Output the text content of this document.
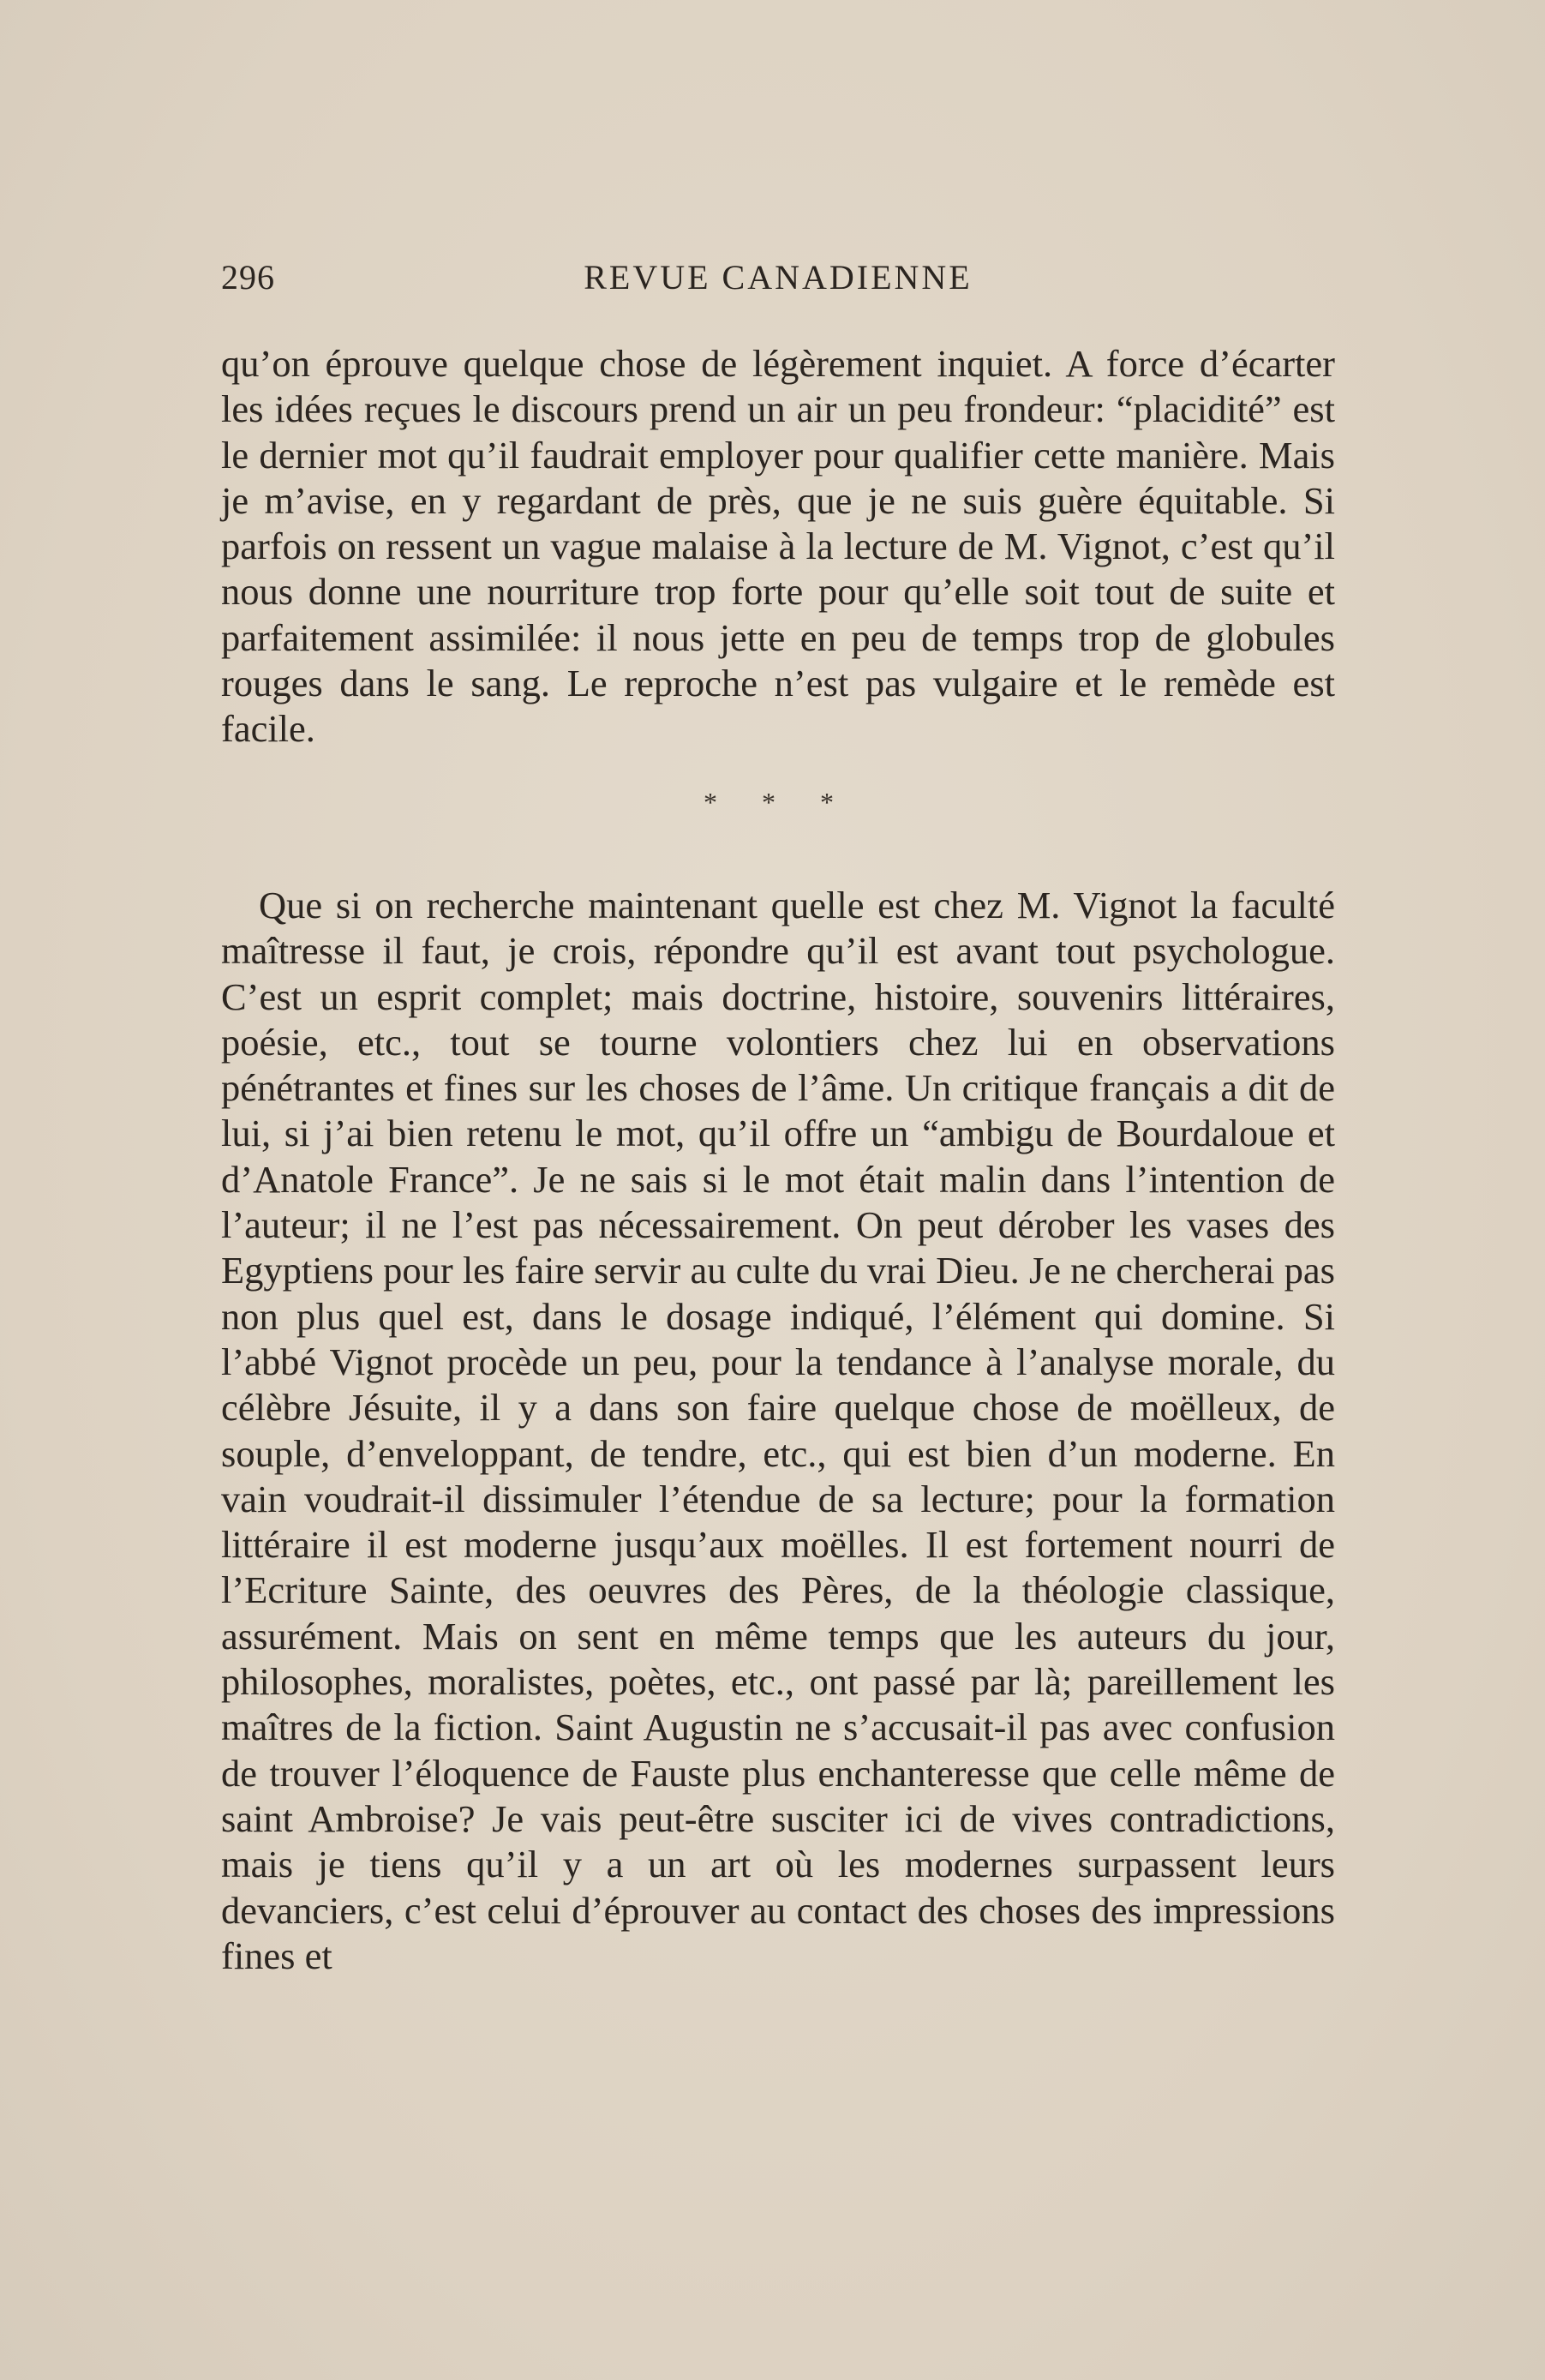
296	REVUE CANADIENNE

qu’on éprouve quelque chose de légèrement inquiet. A force d’écarter les idées reçues le discours prend un air un peu frondeur: “placidité” est le dernier mot qu’il faudrait employer pour qualifier cette manière. Mais je m’avise, en y regardant de près, que je ne suis guère équitable. Si parfois on ressent un vague malaise à la lecture de M. Vignot, c’est qu’il nous donne une nourriture trop forte pour qu’elle soit tout de suite et parfaitement assimilée: il nous jette en peu de temps trop de globules rouges dans le sang. Le reproche n’est pas vulgaire et le remède est facile.

* * *

Que si on recherche maintenant quelle est chez M. Vignot la faculté maîtresse il faut, je crois, répondre qu’il est avant tout psychologue. C’est un esprit complet; mais doctrine, histoire, souvenirs littéraires, poésie, etc., tout se tourne volontiers chez lui en observations pénétrantes et fines sur les choses de l’âme. Un critique français a dit de lui, si j’ai bien retenu le mot, qu’il offre un “ambigu de Bourdaloue et d’Anatole France”. Je ne sais si le mot était malin dans l’intention de l’auteur; il ne l’est pas nécessairement. On peut dérober les vases des Egyptiens pour les faire servir au culte du vrai Dieu. Je ne chercherai pas non plus quel est, dans le dosage indiqué, l’élément qui domine. Si l’abbé Vignot procède un peu, pour la tendance à l’analyse morale, du célèbre Jésuite, il y a dans son faire quelque chose de moëlleux, de souple, d’enveloppant, de tendre, etc., qui est bien d’un moderne. En vain voudrait-il dissimuler l’étendue de sa lecture; pour la formation littéraire il est moderne jusqu’aux moëlles. Il est fortement nourri de l’Ecriture Sainte, des oeuvres des Pères, de la théologie classique, assurément. Mais on sent en même temps que les auteurs du jour, philosophes, moralistes, poètes, etc., ont passé par là; pareillement les maîtres de la fiction. Saint Augustin ne s’accusait-il pas avec confusion de trouver l’éloquence de Fauste plus enchanteresse que celle même de saint Ambroise? Je vais peut-être susciter ici de vives contradictions, mais je tiens qu’il y a un art où les modernes surpassent leurs devanciers, c’est celui d’éprouver au contact des choses des impressions fines et
